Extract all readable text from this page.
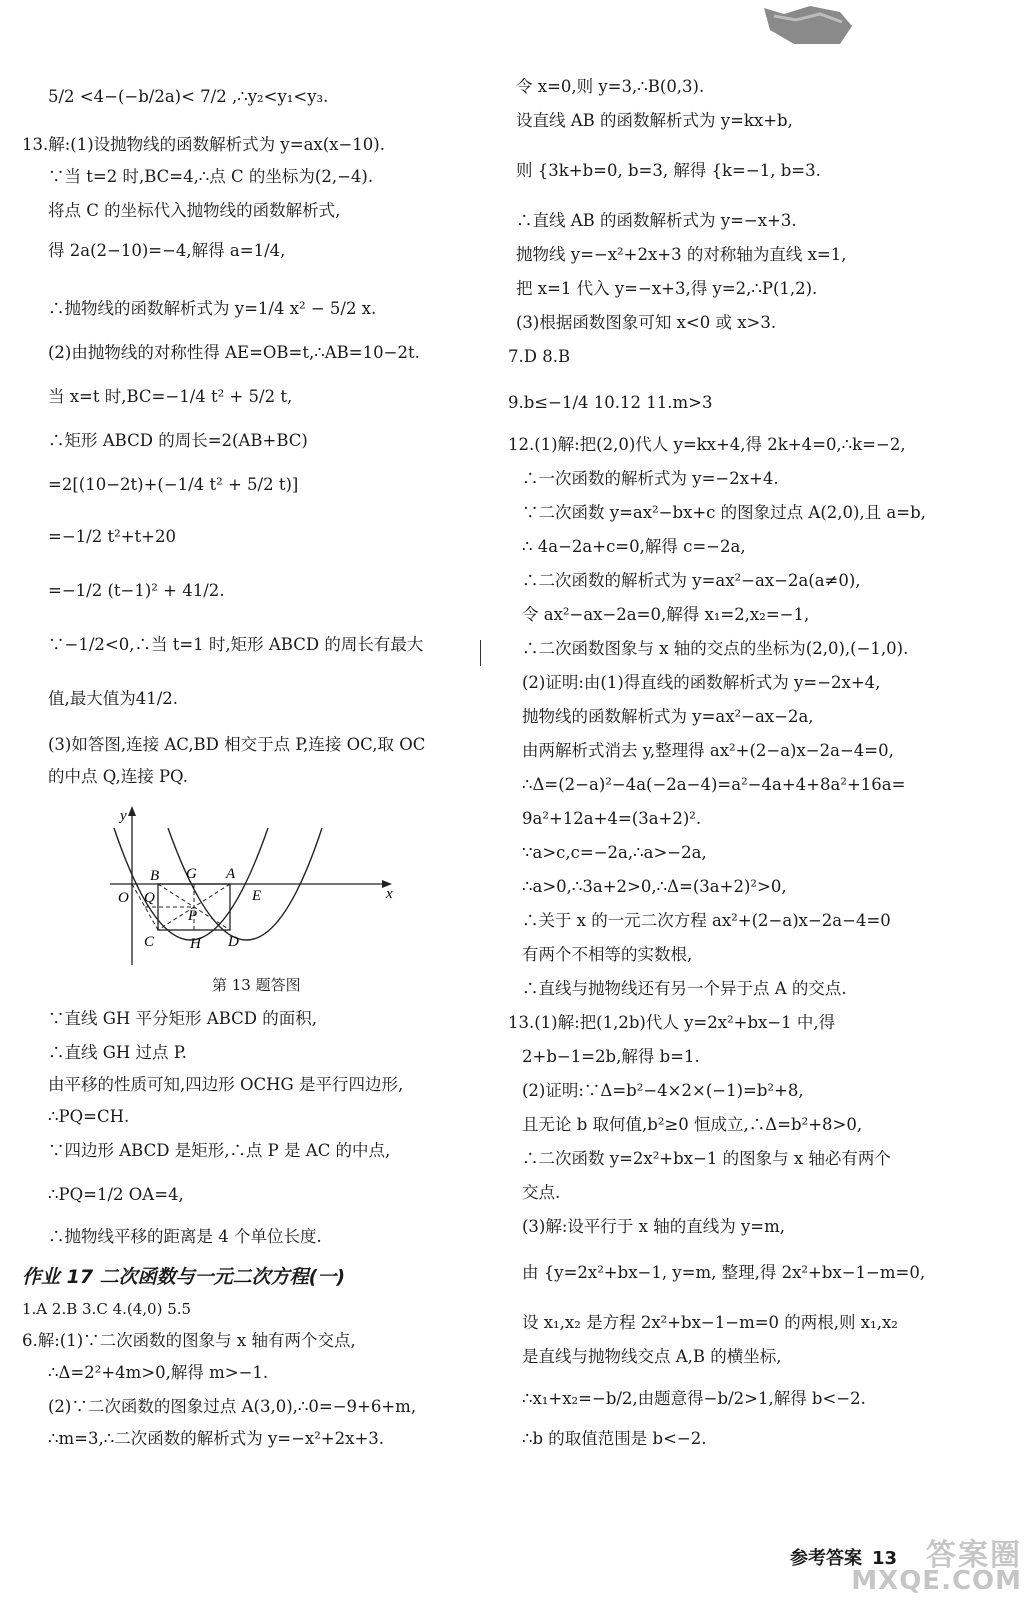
5/2 <4−(−b/2a)< 7/2 ,∴y₂<y₁<y₃.
13.解:(1)设抛物线的函数解析式为 y=ax(x−10).
∵当 t=2 时,BC=4,∴点 C 的坐标为(2,−4).
将点 C 的坐标代入抛物线的函数解析式,
得 2a(2−10)=−4,解得 a=1/4,
∴抛物线的函数解析式为 y=1/4 x² − 5/2 x.
(2)由抛物线的对称性得 AE=OB=t,∴AB=10−2t.
当 x=t 时,BC=−1/4 t² + 5/2 t,
∴矩形 ABCD 的周长=2(AB+BC)
=2[(10−2t)+(−1/4 t² + 5/2 t)]
=−1/2 t²+t+20
=−1/2 (t−1)² + 41/2.
∵−1/2<0,∴当 t=1 时,矩形 ABCD 的周长有最大
值,最大值为41/2.
(3)如答图,连接 AC,BD 相交于点 P,连接 OC,取 OC
的中点 Q,连接 PQ.
y
x
O Q
B G A
E
P
C H D
第 13 题答图
∵直线 GH 平分矩形 ABCD 的面积,
∴直线 GH 过点 P.
由平移的性质可知,四边形 OCHG 是平行四边形,
∴PQ=CH.
∵四边形 ABCD 是矩形,∴点 P 是 AC 的中点,
∴PQ=1/2 OA=4,
∴抛物线平移的距离是 4 个单位长度.
作业 17 二次函数与一元二次方程(一)
1.A 2.B 3.C 4.(4,0) 5.5
6.解:(1)∵二次函数的图象与 x 轴有两个交点,
∴Δ=2²+4m>0,解得 m>−1.
(2)∵二次函数的图象过点 A(3,0),∴0=−9+6+m,
∴m=3,∴二次函数的解析式为 y=−x²+2x+3.
令 x=0,则 y=3,∴B(0,3).
设直线 AB 的函数解析式为 y=kx+b,
则 {3k+b=0, b=3, 解得 {k=−1, b=3.
∴直线 AB 的函数解析式为 y=−x+3.
抛物线 y=−x²+2x+3 的对称轴为直线 x=1,
把 x=1 代入 y=−x+3,得 y=2,∴P(1,2).
(3)根据函数图象可知 x<0 或 x>3.
7.D 8.B
9.b≤−1/4 10.12 11.m>3
12.(1)解:把(2,0)代人 y=kx+4,得 2k+4=0,∴k=−2,
∴一次函数的解析式为 y=−2x+4.
∵二次函数 y=ax²−bx+c 的图象过点 A(2,0),且 a=b,
∴ 4a−2a+c=0,解得 c=−2a,
∴二次函数的解析式为 y=ax²−ax−2a(a≠0),
令 ax²−ax−2a=0,解得 x₁=2,x₂=−1,
∴二次函数图象与 x 轴的交点的坐标为(2,0),(−1,0).
(2)证明:由(1)得直线的函数解析式为 y=−2x+4,
抛物线的函数解析式为 y=ax²−ax−2a,
由两解析式消去 y,整理得 ax²+(2−a)x−2a−4=0,
∴Δ=(2−a)²−4a(−2a−4)=a²−4a+4+8a²+16a=
9a²+12a+4=(3a+2)².
∵a>c,c=−2a,∴a>−2a,
∴a>0,∴3a+2>0,∴Δ=(3a+2)²>0,
∴关于 x 的一元二次方程 ax²+(2−a)x−2a−4=0
有两个不相等的实数根,
∴直线与抛物线还有另一个异于点 A 的交点.
13.(1)解:把(1,2b)代人 y=2x²+bx−1 中,得
2+b−1=2b,解得 b=1.
(2)证明:∵Δ=b²−4×2×(−1)=b²+8,
且无论 b 取何值,b²≥0 恒成立,∴Δ=b²+8>0,
∴二次函数 y=2x²+bx−1 的图象与 x 轴必有两个
交点.
(3)解:设平行于 x 轴的直线为 y=m,
由 {y=2x²+bx−1, y=m, 整理,得 2x²+bx−1−m=0,
设 x₁,x₂ 是方程 2x²+bx−1−m=0 的两根,则 x₁,x₂
是直线与抛物线交点 A,B 的横坐标,
∴x₁+x₂=−b/2,由题意得−b/2>1,解得 b<−2.
∴b 的取值范围是 b<−2.
参考答案 13 答案圈
MXQE.COM
